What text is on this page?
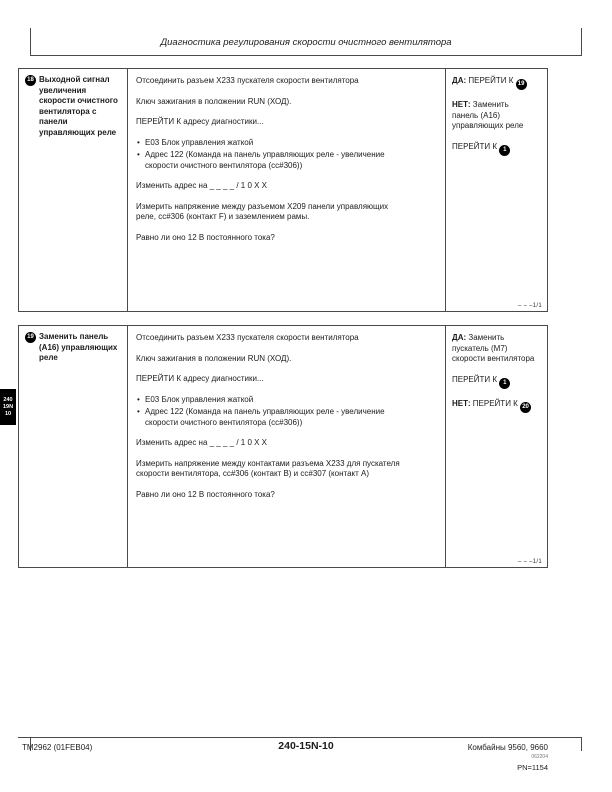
Диагностика регулирования скорости очистного вентилятора
18 Выходной сигнал увеличения скорости очистного вентилятора с панели управляющих реле

Отсоединить разъем X233 пускателя скорости вентилятора

Ключ зажигания в положении RUN (ХОД).

ПЕРЕЙТИ К адресу диагностики...

• E03 Блок управления жаткой
• Адрес 122 (Команда на панель управляющих реле - увеличение скорости очистного вентилятора (cc#306))

Изменить адрес на _ _ _ _ / 1 0 X X

Измерить напряжение между разъемом X209 панели управляющих реле, cc#306 (контакт F) и заземлением рамы.

Равно ли оно 12 В постоянного тока?

ДА: ПЕРЕЙТИ К 19

НЕТ: Заменить панель (A16) управляющих реле

ПЕРЕЙТИ К 1

– – –1/1
19 Заменить панель (A16) управляющих реле

Отсоединить разъем X233 пускателя скорости вентилятора

Ключ зажигания в положении RUN (ХОД).

ПЕРЕЙТИ К адресу диагностики...

• E03 Блок управления жаткой
• Адрес 122 (Команда на панель управляющих реле - увеличение скорости очистного вентилятора (cc#306))

Изменить адрес на _ _ _ _ / 1 0 X X

Измерить напряжение между контактами разъема X233 для пускателя скорости вентилятора, cc#306 (контакт B) и cc#307 (контакт A)

Равно ли оно 12 В постоянного тока?

ДА: Заменить пускатель (M7) скорости вентилятора

ПЕРЕЙТИ К 1

НЕТ: ПЕРЕЙТИ К 20

– – –1/1
240
19N
10
TM2962 (01FEB04)	240-15N-10	Комбайны 9560, 9660
062204
PN=1154
